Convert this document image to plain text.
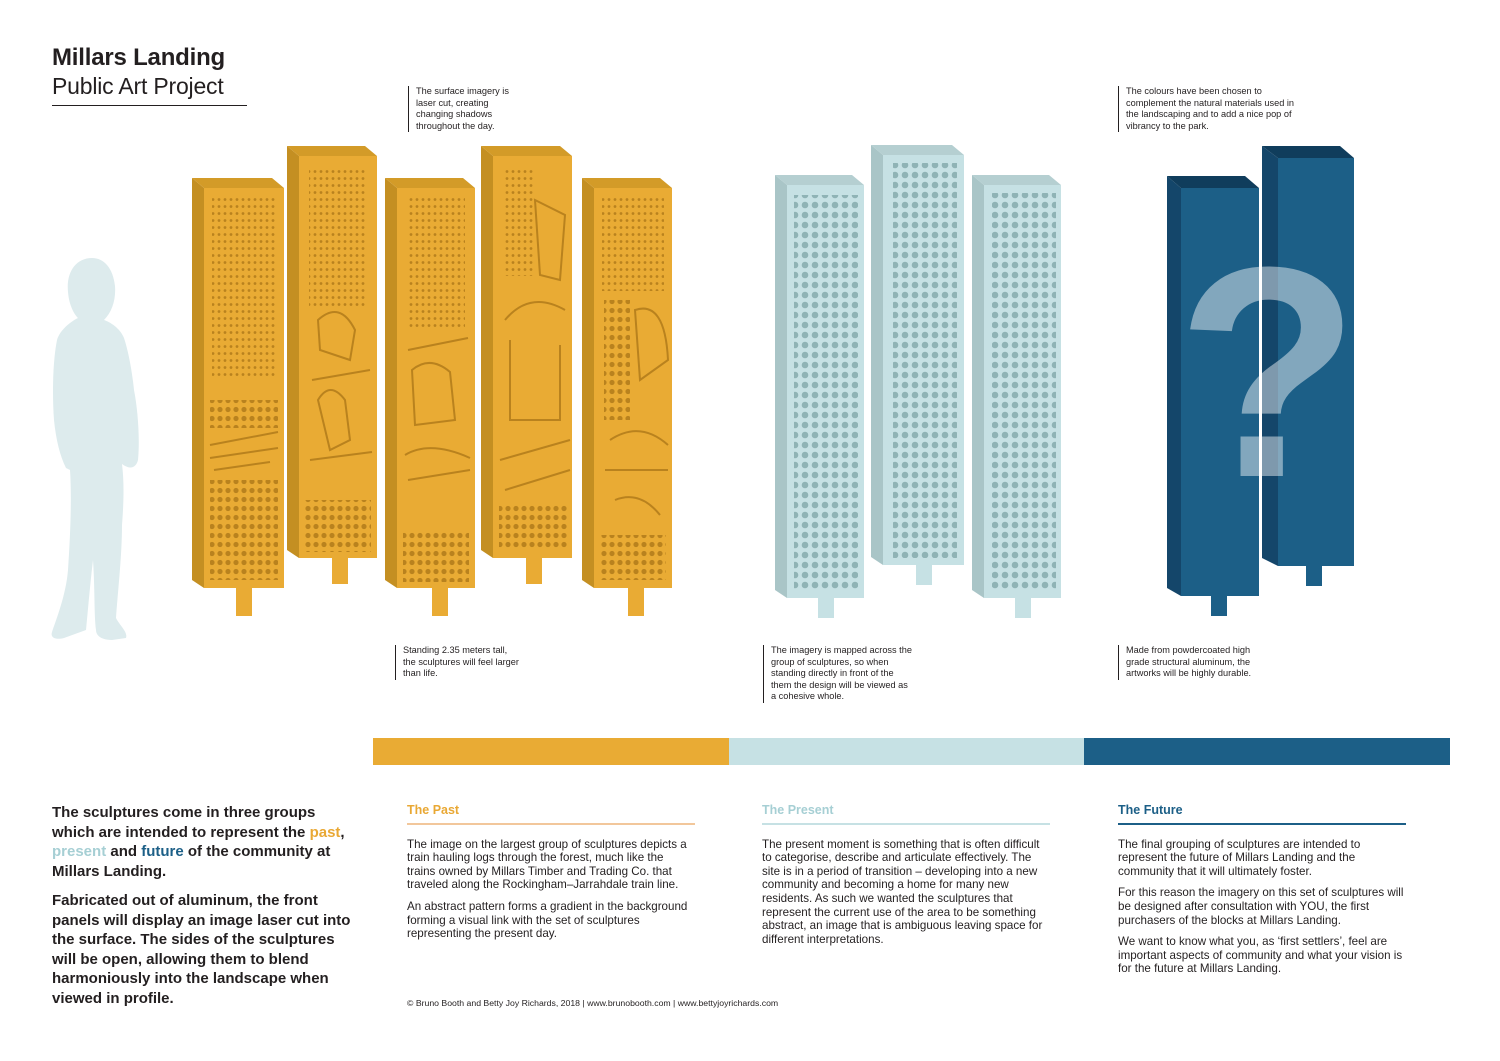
?
Millars Landing
Public Art Project	The surface imagery is laser cut, creating changing shadows throughout the day.
The colours have been chosen to complement the natural materials used in the landscaping and to add a nice pop of vibrancy to the park.
Standing 2.35 meters tall, the sculptures will feel larger than life.
The imagery is mapped across the group of sculptures, so when standing directly in front of the them the design will be viewed as a cohesive whole.
Made from powdercoated high grade structural aluminum, the artworks will be highly durable.

The sculptures come in three groups which are intended to represent the past, present and future of the community at Millars Landing.

Fabricated out of aluminum, the front panels will display an image laser cut into the surface. The sides of the sculptures will be open, allowing them to blend harmoniously into the landscape when viewed in profile.

The Past

The image on the largest group of sculptures depicts a train hauling logs through the forest, much like the trains owned by Millars Timber and Trading Co. that traveled along the Rockingham–Jarrahdale train line.

An abstract pattern forms a gradient in the background forming a visual link with the set of sculptures representing the present day.

The Present

The present moment is something that is often difficult to categorise, describe and articulate effectively. The site is in a period of transition – developing into a new community and becoming a home for many new residents. As such we wanted the sculptures that represent the current use of the area to be something abstract, an image that is ambiguous leaving space for different interpretations.

The Future

The final grouping of sculptures are intended to represent the future of Millars Landing and the community that it will ultimately foster.

For this reason the imagery on this set of sculptures will be designed after consultation with YOU, the first purchasers of the blocks at Millars Landing.

We want to know what you, as ‘first settlers’, feel are important aspects of community and what your vision is for the future at Millars Landing.

© Bruno Booth and Betty Joy Richards, 2018 | www.brunobooth.com | www.bettyjoyrichards.com
